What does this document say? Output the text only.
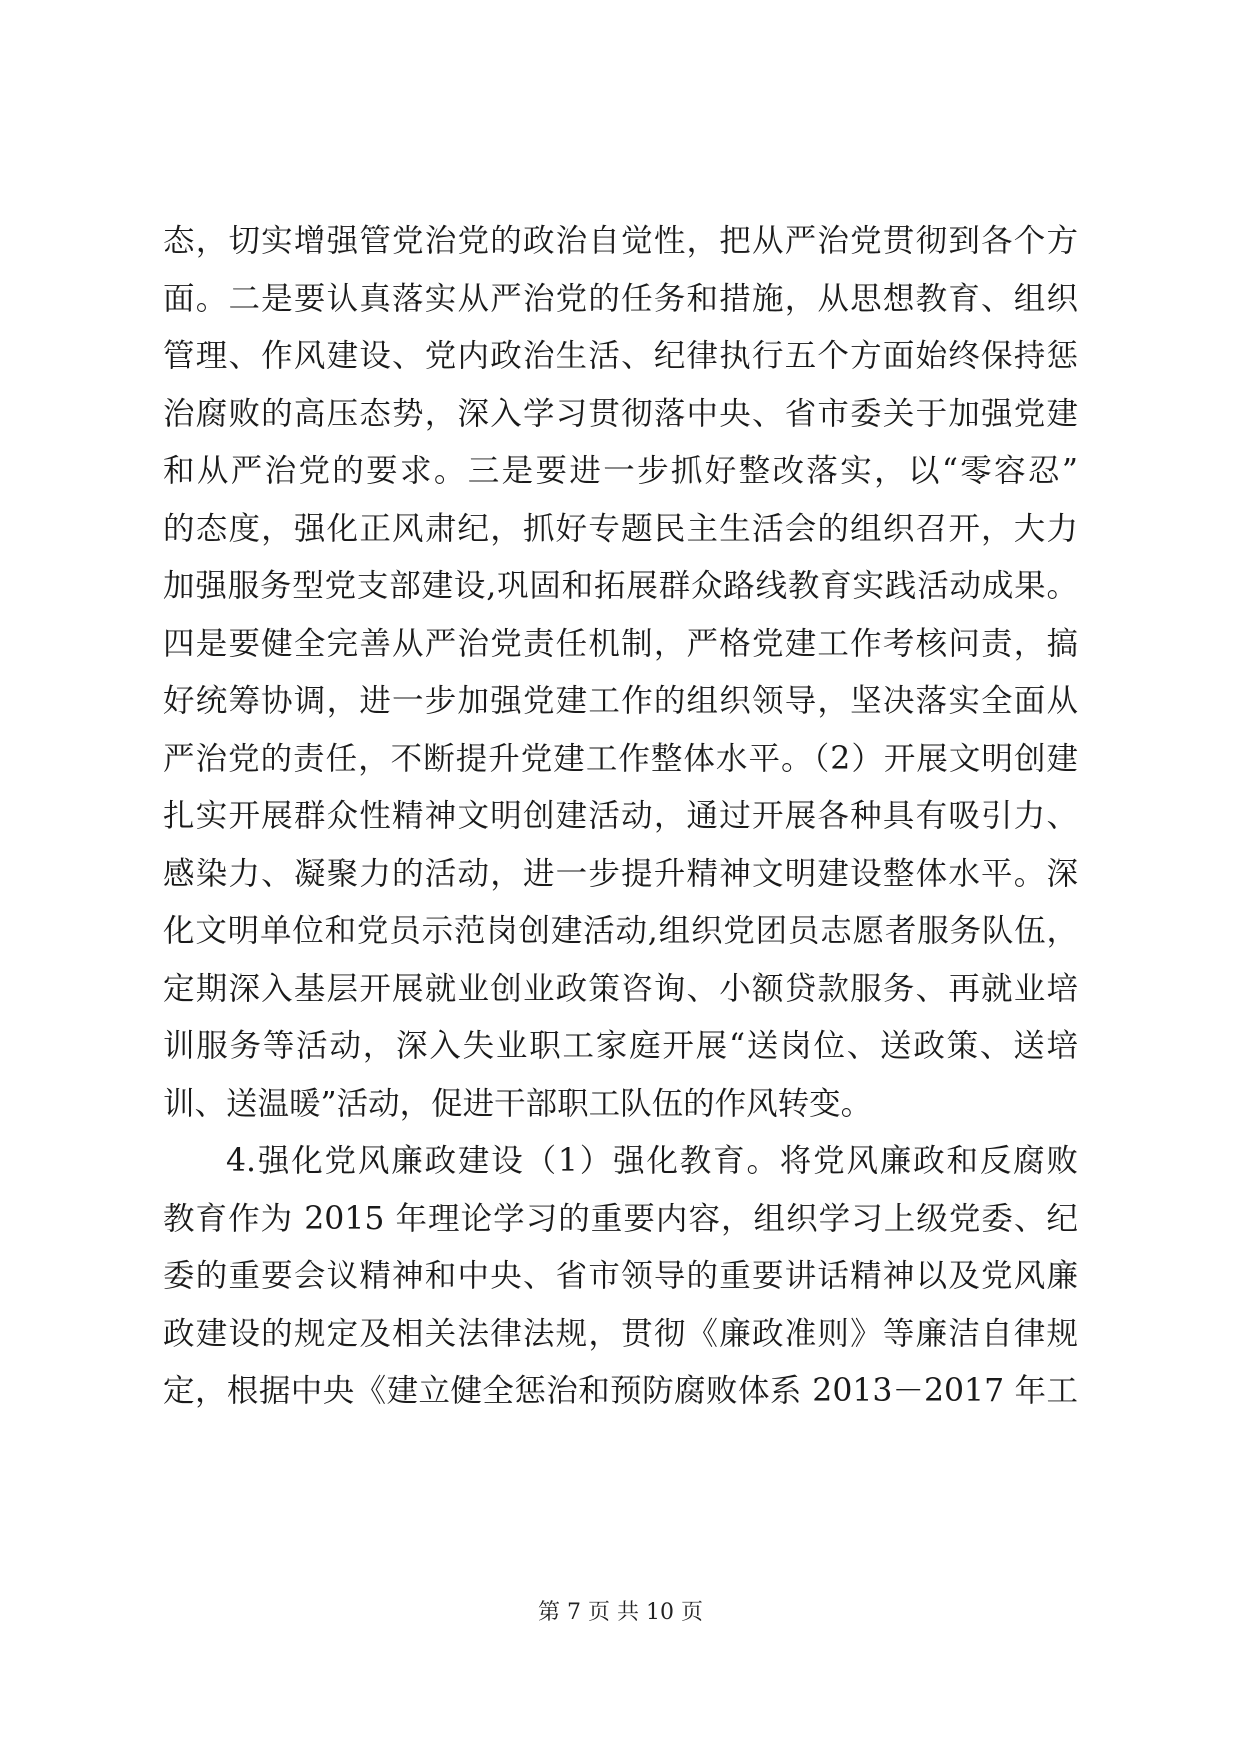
态，切实增强管党治党的政治自觉性，把从严治党贯彻到各个方
面。二是要认真落实从严治党的任务和措施，从思想教育、组织
管理、作风建设、党内政治生活、纪律执行五个方面始终保持惩
治腐败的高压态势，深入学习贯彻落中央、省市委关于加强党建
和从严治党的要求。三是要进一步抓好整改落实，以“零容忍”
的态度，强化正风肃纪，抓好专题民主生活会的组织召开，大力
加强服务型党支部建设,巩固和拓展群众路线教育实践活动成果。
四是要健全完善从严治党责任机制，严格党建工作考核问责，搞
好统筹协调，进一步加强党建工作的组织领导，坚决落实全面从
严治党的责任，不断提升党建工作整体水平。（2）开展文明创建
扎实开展群众性精神文明创建活动，通过开展各种具有吸引力、
感染力、凝聚力的活动，进一步提升精神文明建设整体水平。深
化文明单位和党员示范岗创建活动,组织党团员志愿者服务队伍，
定期深入基层开展就业创业政策咨询、小额贷款服务、再就业培
训服务等活动，深入失业职工家庭开展“送岗位、送政策、送培
训、送温暖”活动，促进干部职工队伍的作风转变。
4.强化党风廉政建设（1）强化教育。将党风廉政和反腐败
教育作为 2015 年理论学习的重要内容，组织学习上级党委、纪
委的重要会议精神和中央、省市领导的重要讲话精神以及党风廉
政建设的规定及相关法律法规，贯彻《廉政准则》等廉洁自律规
定，根据中央《建立健全惩治和预防腐败体系 2013－2017 年工
第 7 页 共 10 页
